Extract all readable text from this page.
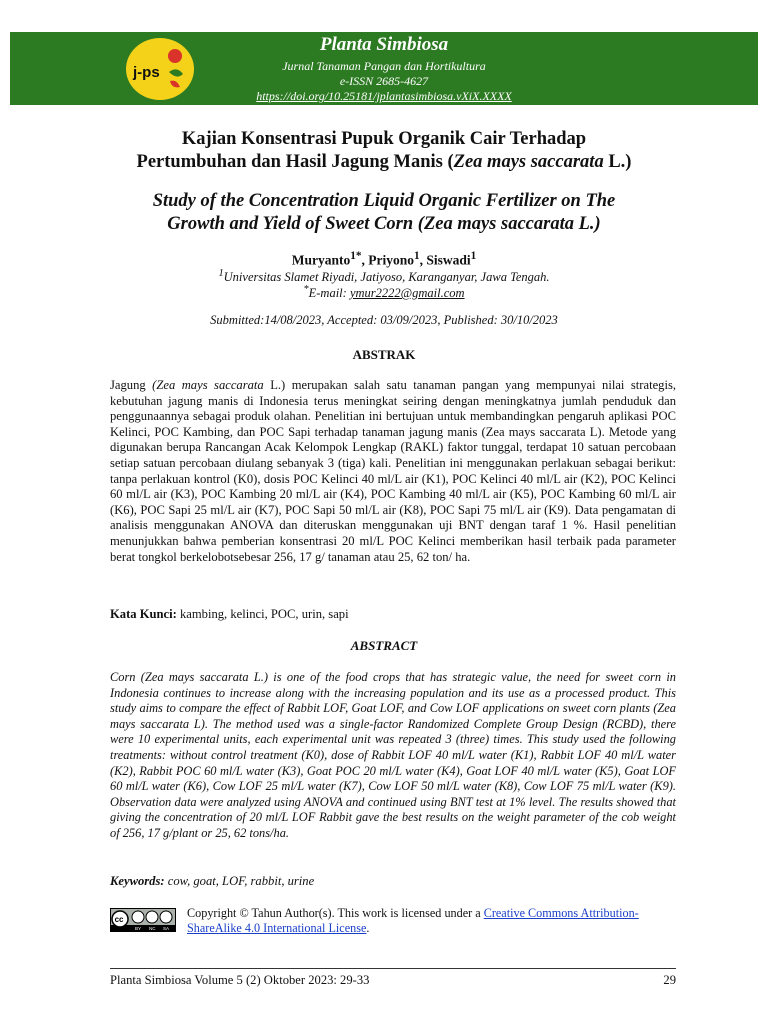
j-ps
Planta Simbiosa
Jurnal Tanaman Pangan dan Hortikultura
e-ISSN 2685-4627
https://doi.org/10.25181/jplantasimbiosa.vXiX.XXXX
Kajian Konsentrasi Pupuk Organik Cair Terhadap
Pertumbuhan dan Hasil Jagung Manis (Zea mays saccarata L.)
Study of the Concentration Liquid Organic Fertilizer on The
Growth and Yield of Sweet Corn (Zea mays saccarata L.)
Muryanto$^{1*}$, Priyono$^1$, Siswadi$^1$
$^1$Universitas Slamet Riyadi, Jatiyoso, Karanganyar, Jawa Tengah.
*E-mail: ymur2222@gmail.com
Submitted:14/08/2023, Accepted: 03/09/2023, Published: 30/10/2023
ABSTRAK

Jagung (Zea mays saccarata L.) merupakan salah satu tanaman pangan yang mempunyai nilai strategis, kebutuhan jagung manis di Indonesia terus meningkat seiring dengan meningkatnya jumlah penduduk dan penggunaannya sebagai produk olahan. Penelitian ini bertujuan untuk membandingkan pengaruh aplikasi POC Kelinci, POC Kambing, dan POC Sapi terhadap tanaman jagung manis (Zea mays saccarata L). Metode yang digunakan berupa Rancangan Acak Kelompok Lengkap (RAKL) faktor tunggal, terdapat 10 satuan percobaan setiap satuan percobaan diulang sebanyak 3 (tiga) kali. Penelitian ini menggunakan perlakuan sebagai berikut: tanpa perlakuan kontrol (K0), dosis POC Kelinci 40 ml/L air (K1), POC Kelinci 40 ml/L air (K2), POC Kelinci 60 ml/L air (K3), POC Kambing 20 ml/L air (K4), POC Kambing 40 ml/L air (K5), POC Kambing 60 ml/L air (K6), POC Sapi 25 ml/L air (K7), POC Sapi 50 ml/L air (K8), POC Sapi 75 ml/L air (K9). Data pengamatan di analisis menggunakan ANOVA dan diteruskan menggunakan uji BNT dengan taraf 1 %. Hasil penelitian menunjukkan bahwa pemberian konsentrasi 20 ml/L POC Kelinci memberikan hasil terbaik pada parameter berat tongkol berkelobotsebesar 256, 17 g/ tanaman atau 25, 62 ton/ ha.

Kata Kunci: kambing, kelinci, POC, urin, sapi
ABSTRACT

Corn (Zea mays saccarata L.) is one of the food crops that has strategic value, the need for sweet corn in Indonesia continues to increase along with the increasing population and its use as a processed product. This study aims to compare the effect of Rabbit LOF, Goat LOF, and Cow LOF applications on sweet corn plants (Zea mays saccarata L). The method used was a single-factor Randomized Complete Group Design (RCBD), there were 10 experimental units, each experimental unit was repeated 3 (three) times. This study used the following treatments: without control treatment (K0), dose of Rabbit LOF 40 ml/L water (K1), Rabbit LOF 40 ml/L water (K2), Rabbit POC 60 ml/L water (K3), Goat POC 20 ml/L water (K4), Goat LOF 40 ml/L water (K5), Goat LOF 60 ml/L water (K6), Cow LOF 25 ml/L water (K7), Cow LOF 50 ml/L water (K8), Cow LOF 75 ml/L water (K9). Observation data were analyzed using ANOVA and continued using BNT test at 1% level. The results showed that giving the concentration of 20 ml/L LOF Rabbit gave the best results on the weight parameter of the cob weight of 256, 17 g/plant or 25, 62 tons/ha.

Keywords: cow, goat, LOF, rabbit, urine
cc
BY NC SA
Copyright © Tahun Author(s). This work is licensed under a Creative Commons Attribution-ShareAlike 4.0 International License.
Planta Simbiosa Volume 5 (2) Oktober 2023: 29-33	29
